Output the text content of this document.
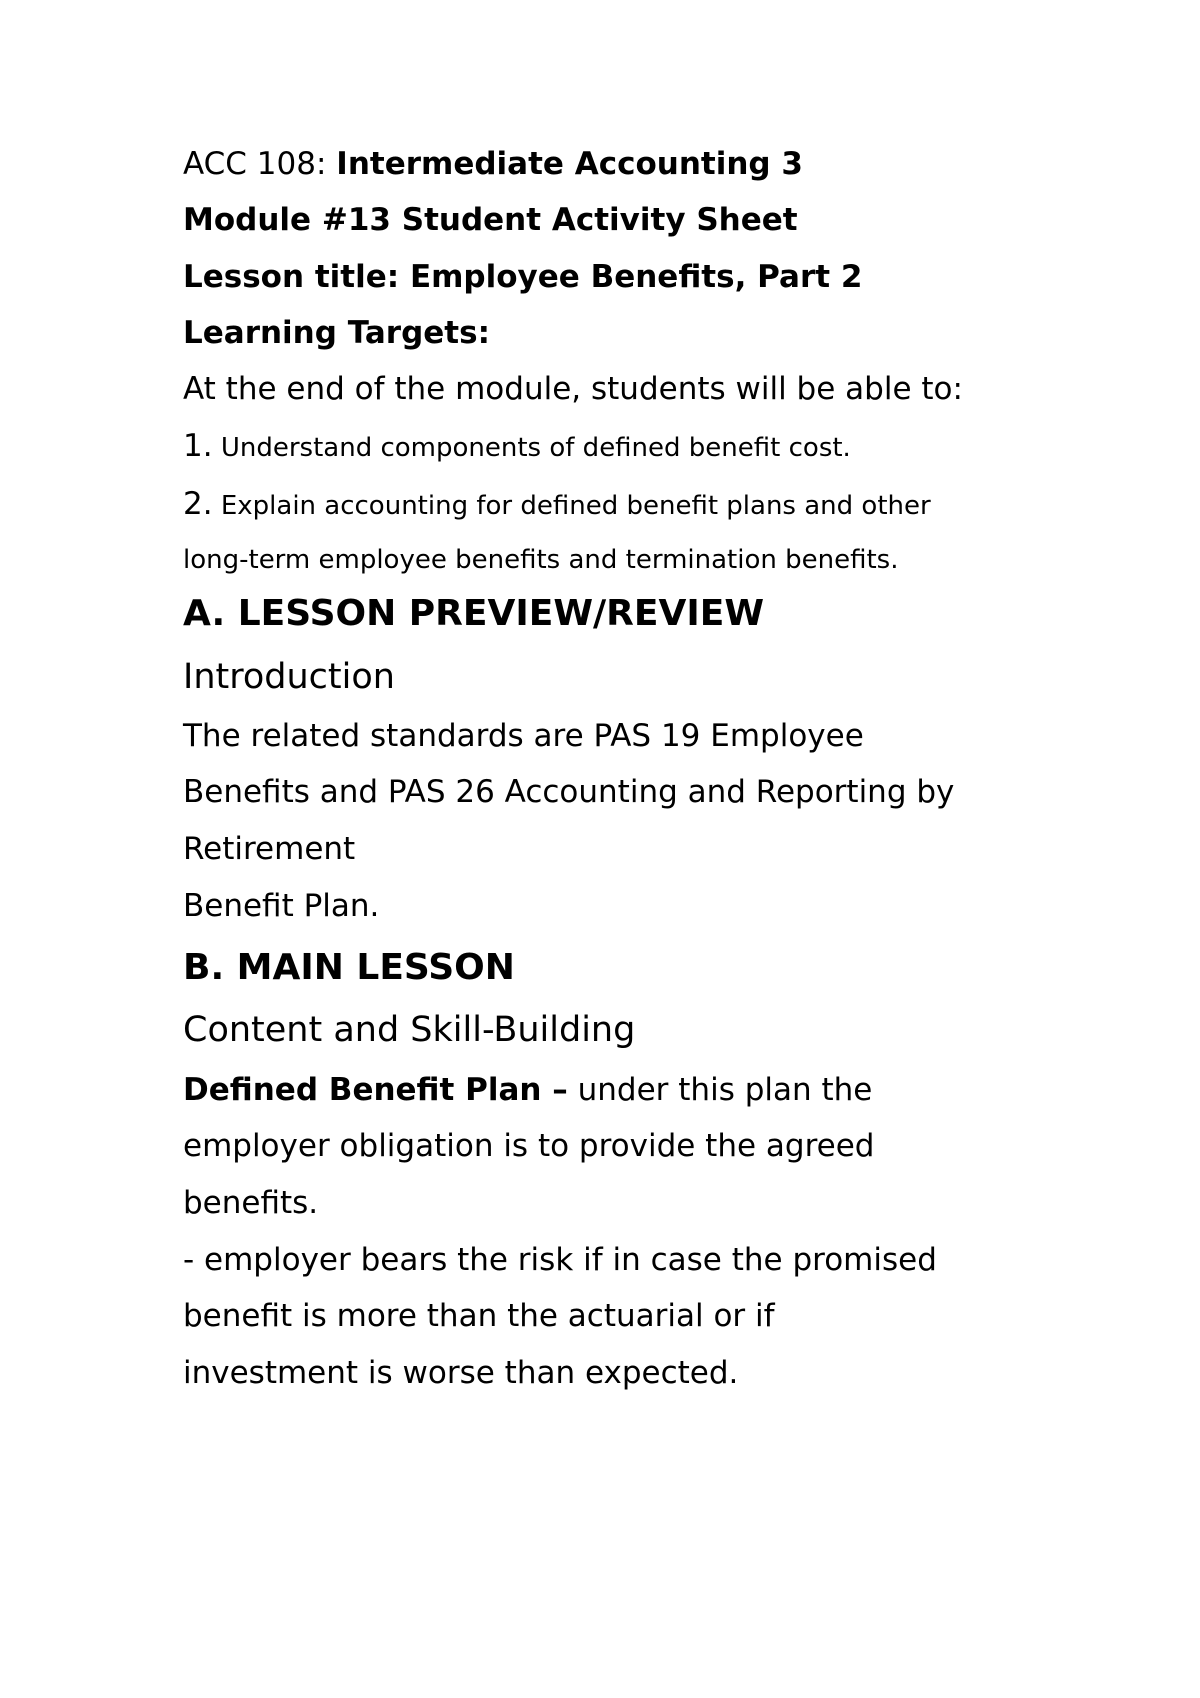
ACC 108: Intermediate Accounting 3
Module #13 Student Activity Sheet
Lesson title: Employee Benefits, Part 2
Learning Targets:
At the end of the module, students will be able to:
1. Understand components of defined benefit cost.
2. Explain accounting for defined benefit plans and other
long-term employee benefits and termination benefits.
A. LESSON PREVIEW/REVIEW
Introduction
The related standards are PAS 19 Employee
Benefits and PAS 26 Accounting and Reporting by
Retirement
Benefit Plan.
B. MAIN LESSON
Content and Skill-Building
Defined Benefit Plan – under this plan the
employer obligation is to provide the agreed
benefits.
- employer bears the risk if in case the promised
benefit is more than the actuarial or if
investment is worse than expected.
